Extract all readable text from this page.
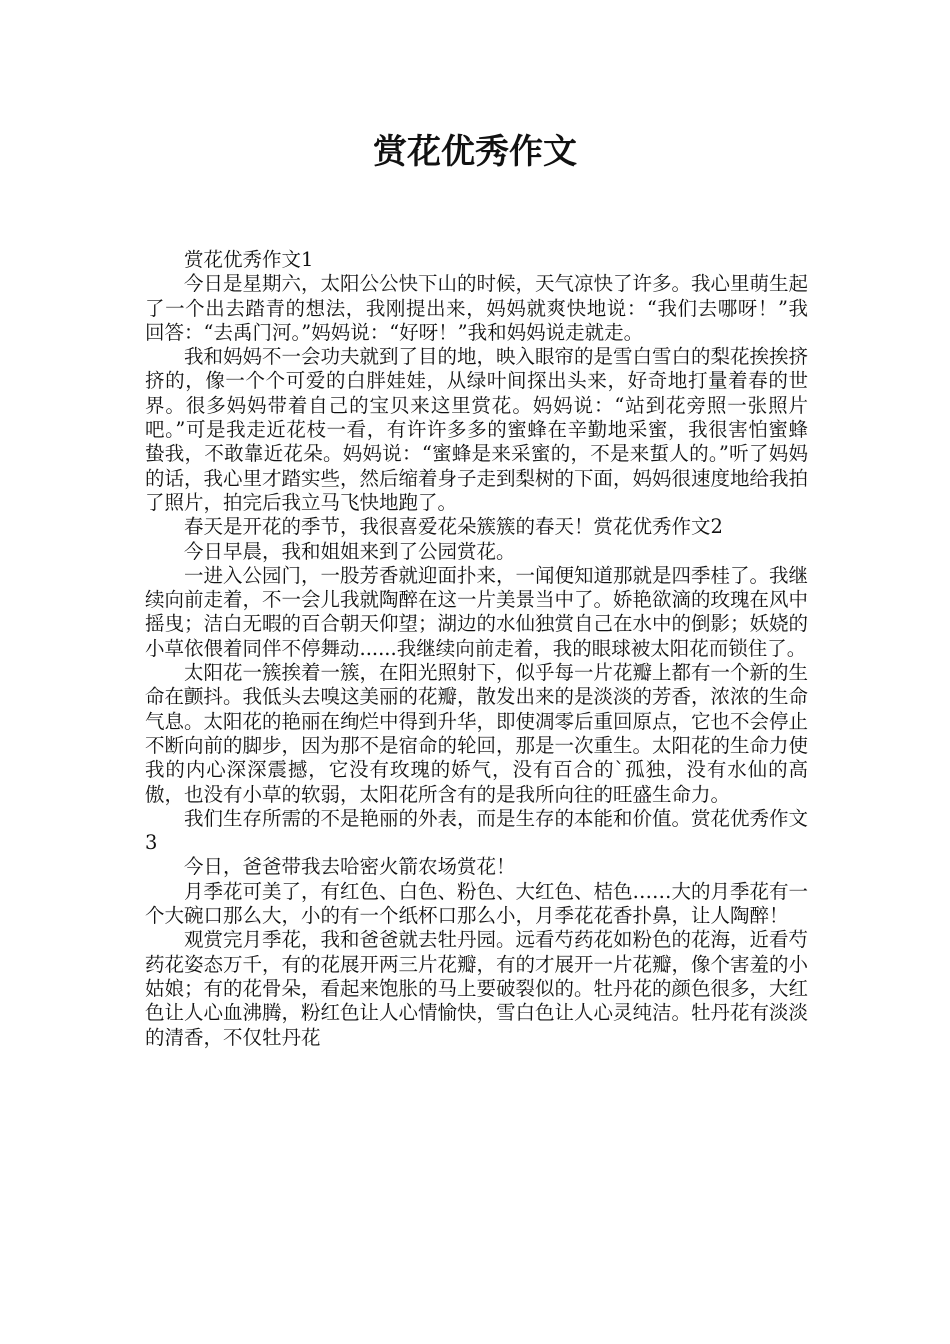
赏花优秀作文

赏花优秀作文1

今日是星期六，太阳公公快下山的时候，天气凉快了许多。我心里萌生起了一个出去踏青的想法，我刚提出来，妈妈就爽快地说：“我们去哪呀！”我回答：“去禹门河。”妈妈说：“好呀！”我和妈妈说走就走。

我和妈妈不一会功夫就到了目的地，映入眼帘的是雪白雪白的梨花挨挨挤挤的，像一个个可爱的白胖娃娃，从绿叶间探出头来，好奇地打量着春的世界。很多妈妈带着自己的宝贝来这里赏花。妈妈说：“站到花旁照一张照片吧。”可是我走近花枝一看，有许许多多的蜜蜂在辛勤地采蜜，我很害怕蜜蜂蛰我，不敢靠近花朵。妈妈说：“蜜蜂是来采蜜的，不是来蜇人的。”听了妈妈的话，我心里才踏实些，然后缩着身子走到梨树的下面，妈妈很速度地给我拍了照片，拍完后我立马飞快地跑了。

春天是开花的季节，我很喜爱花朵簇簇的春天！赏花优秀作文2

今日早晨，我和姐姐来到了公园赏花。

一进入公园门，一股芳香就迎面扑来，一闻便知道那就是四季桂了。我继续向前走着，不一会儿我就陶醉在这一片美景当中了。娇艳欲滴的玫瑰在风中摇曳；洁白无暇的百合朝天仰望；湖边的水仙独赏自己在水中的倒影；妖娆的小草依偎着同伴不停舞动......我继续向前走着，我的眼球被太阳花而锁住了。

太阳花一簇挨着一簇，在阳光照射下，似乎每一片花瓣上都有一个新的生命在颤抖。我低头去嗅这美丽的花瓣，散发出来的是淡淡的芳香，浓浓的生命气息。太阳花的艳丽在绚烂中得到升华，即使凋零后重回原点，它也不会停止不断向前的脚步，因为那不是宿命的轮回，那是一次重生。太阳花的生命力使我的内心深深震撼，它没有玫瑰的娇气，没有百合的`孤独，没有水仙的高傲，也没有小草的软弱，太阳花所含有的是我所向往的旺盛生命力。

我们生存所需的不是艳丽的外表，而是生存的本能和价值。赏花优秀作文3

今日，爸爸带我去哈密火箭农场赏花！

月季花可美了，有红色、白色、粉色、大红色、桔色……大的月季花有一个大碗口那么大，小的有一个纸杯口那么小，月季花花香扑鼻，让人陶醉！

观赏完月季花，我和爸爸就去牡丹园。远看芍药花如粉色的花海，近看芍药花姿态万千，有的花展开两三片花瓣，有的才展开一片花瓣，像个害羞的小姑娘；有的花骨朵，看起来饱胀的马上要破裂似的。牡丹花的颜色很多，大红色让人心血沸腾，粉红色让人心情愉快，雪白色让人心灵纯洁。牡丹花有淡淡的清香，不仅牡丹花
